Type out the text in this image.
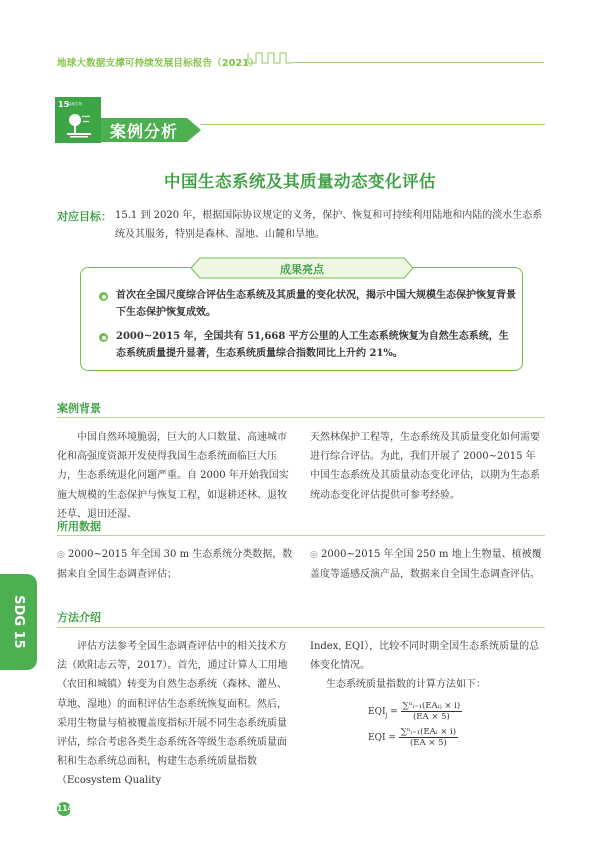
地球大数据支撑可持续发展目标报告（2021）
15
陆地生物
案例分析
中国生态系统及其质量动态变化评估
对应目标： 15.1 到 2020 年，根据国际协议规定的义务，保护、恢复和可持续利用陆地和内陆的淡水生态系统及其服务，特别是森林、湿地、山麓和旱地。
成果亮点
首次在全国尺度综合评估生态系统及其质量的变化状况，揭示中国大规模生态保护恢复背景下生态保护恢复成效。
2000~2015 年，全国共有 51,668 平方公里的人工生态系统恢复为自然生态系统，生态系统质量提升显著，生态系统质量综合指数同比上升约 21%。
案例背景
中国自然环境脆弱，巨大的人口数量、高速城市化和高强度资源开发使得我国生态系统面临巨大压力，生态系统退化问题严重。自 2000 年开始我国实施大规模的生态保护与恢复工程，如退耕还林、退牧还草、退田还湿、
天然林保护工程等，生态系统及其质量变化如何需要进行综合评估。为此，我们开展了 2000~2015 年中国生态系统及其质量动态变化评估，以期为生态系统动态变化评估提供可参考经验。
所用数据
◎ 2000~2015 年全国 30 m 生态系统分类数据，数据来自全国生态调查评估；
◎ 2000~2015 年全国 250 m 地上生物量、植被覆盖度等遥感反演产品，数据来自全国生态调查评估。
方法介绍
评估方法参考全国生态调查评估中的相关技术方法（欧阳志云等，2017）。首先，通过计算人工用地（农田和城镇）转变为自然生态系统（森林、灌丛、草地、湿地）的面积评估生态系统恢复面积。然后，采用生物量与植被覆盖度指标开展不同生态系统质量评估，综合考虑各类生态系统各等级生态系统质量面积和生态系统总面积，构建生态系统质量指数（Ecosystem Quality
Index, EQI），比较不同时期全国生态系统质量的总体变化情况。
生态系统质量指数的计算方法如下：
$EQI_j = \frac{\text{∑ⁿᵢ₌₁(EAᵢⱼ × i)}}{(EA \times 5)}$
EQI = $\frac{\text{∑ⁿᵢ₌₁(EAᵢ × i)}}{(EA \times 5)}$
SDG 15
114
